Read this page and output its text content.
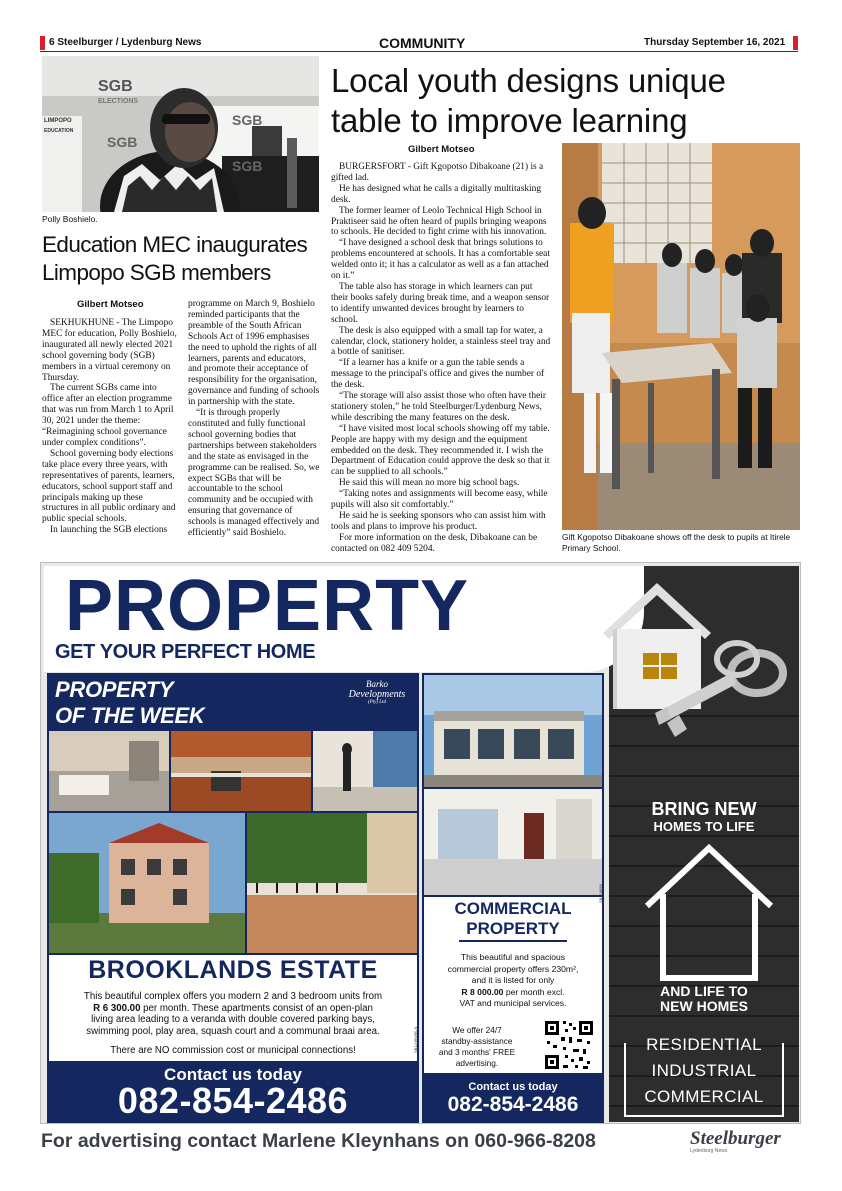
6 Steelburger / Lydenburg News	COMMUNITY	Thursday September 16, 2021
SGB
ELECTIONS
SGB
SGB
SGB
LIMPOPO
EDUCATION
Polly Boshielo.
Education MEC inaugurates
Limpopo SGB members
Gilbert Motseo

SEKHUKHUNE - The Limpopo MEC for education, Polly Boshielo, inaugurated all newly elected 2021 school governing body (SGB) members in a virtual ceremony on Thursday.

The current SGBs came into office after an election programme that was run from March 1 to April 30, 2021 under the theme: “Reimagining school governance under complex conditions”.

School governing body elections take place every three years, with representatives of parents, learners, educators, school support staff and principals making up these structures in all public ordinary and public special schools.

In launching the SGB elections

programme on March 9, Boshielo reminded participants that the preamble of the South African Schools Act of 1996 emphasises the need to uphold the rights of all learners, parents and educators, and promote their acceptance of responsibility for the organisation, governance and funding of schools in partnership with the state.

“It is through properly constituted and fully functional school governing bodies that partnerships between stakeholders and the state as envisaged in the programme can be realised. So, we expect SGBs that will be accountable to the school community and be occupied with ensuring that governance of schools is managed effectively and efficiently” said Boshielo.

Local youth designs unique
table to improve learning
Gilbert Motseo

BURGERSFORT - Gift Kgopotso Dibakoane (21) is a gifted lad.

He has designed what he calls a digitally multitasking desk.

The former learner of Leolo Technical High School in Praktiseer said he often heard of pupils bringing weapons to schools. He decided to fight crime with his innovation.

“I have designed a school desk that brings solutions to problems encountered at schools. It has a comfortable seat welded onto it; it has a calculator as well as a fan attached on it.”

The table also has storage in which learners can put their books safely during break time, and a weapon sensor to identify unwanted devices brought by learners to school.

The desk is also equipped with a small tap for water, a calendar, clock, stationery holder, a stainless steel tray and a bottle of sanitiser.

“If a learner has a knife or a gun the table sends a message to the principal's office and gives the number of the desk.

“The storage will also assist those who often have their stationery stolen,” he told Steelburger/Lydenburg News, while describing the many features on the desk.

“I have visited most local schools showing off my table. People are happy with my design and the equipment embedded on the desk. They recommended it. I wish the Department of Education could approve the desk so that it can be supplied to all schools.”

He said this will mean no more big school bags.

“Taking notes and assignments will become easy, while pupils will also sit comfortably.”

He said he is seeking sponsors who can assist him with tools and plans to improve his product.

For more information on the desk, Dibakoane can be contacted on 082 409 5204.

Gift Kgopotso Dibakoane shows off the desk to pupils at Itirele Primary School.
PROPERTY
GET YOUR PERFECT HOME
PROPERTY
OF THE WEEK
Barko
Developments
(Pty) Ltd
BROOKLANDS ESTATE
This beautiful complex offers you modern 2 and 3 bedroom units from
R 6 300.00 per month. These apartments consist of an open-plan
living area leading to a veranda with double covered parking bays,
swimming pool, play area, squash court and a communal braai area.
There are NO commission cost or municipal connections!	SB124658ELN
Contact us today
082-854-2486
COMMERCIAL
PROPERTY
This beautiful and spacious
commercial property offers 230m²,
and it is listed for only
R 8 000.00 per month excl.
VAT and municipal services.
We offer 24/7
standby-assistance
and 3 months' FREE
advertising.
SB124658
Contact us today
082-854-2486
BRING NEW
HOMES TO LIFE
AND LIFE TO
NEW HOMES
RESIDENTIAL
INDUSTRIAL
COMMERCIAL
For advertising contact Marlene Kleynhans on 060-966-8208	Steelburger
Lydenburg News
